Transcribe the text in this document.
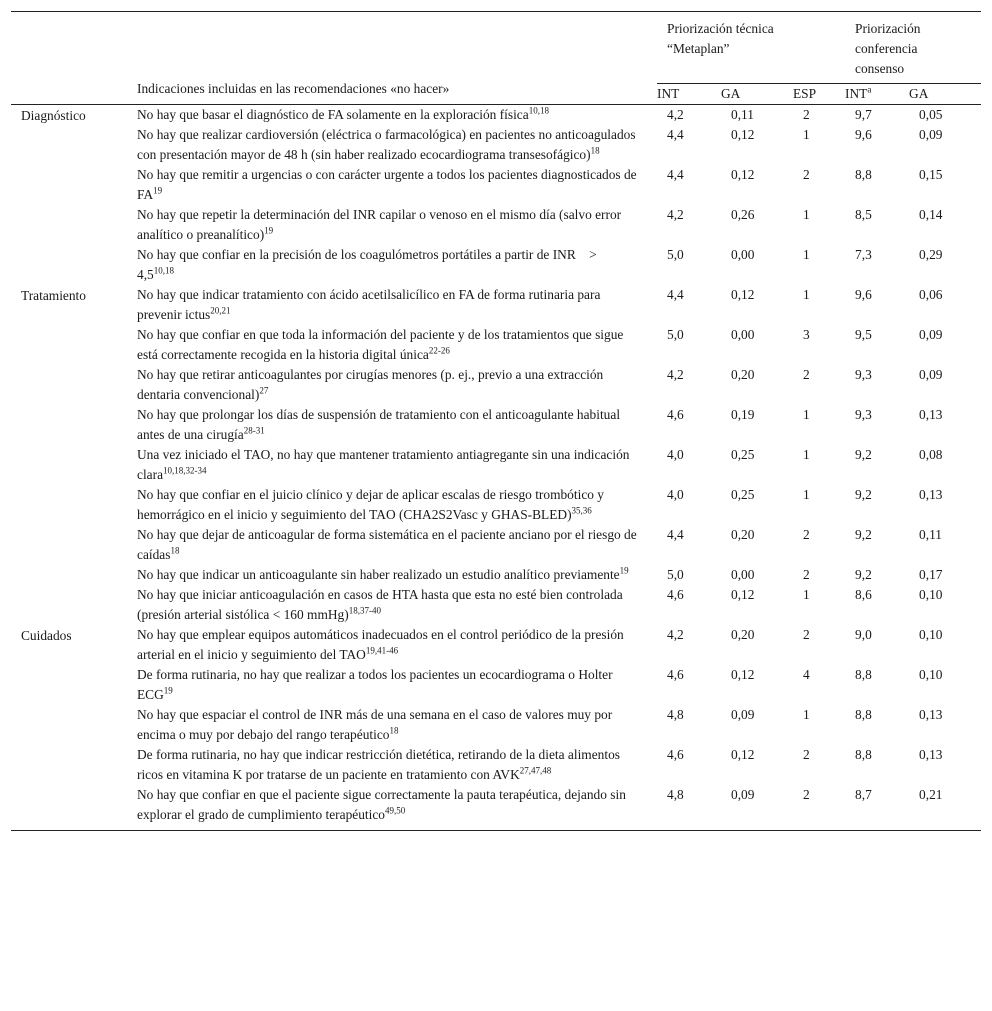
Indicaciones incluidas en las recomendaciones «no hacer»	Priorización técnica
“Metaplan”			Priorización
conferencia
consenso	
	INT	GA	ESP	INT$^a$	GA

Diagnóstico No hay que basar el diagnóstico de FA solamente en la exploración física$^{10,18}$	4,2	0,11	2	9,7	0,05

No hay que realizar cardioversión (eléctrica o farmacológica) en pacientes no anticoagulados con presentación mayor de 48 h (sin haber realizado ecocardiograma transesofágico)$^{18}$	4,4	0,12	1	9,6	0,09

No hay que remitir a urgencias o con carácter urgente a todos los pacientes diagnosticados de FA$^{19}$	4,4	0,12	2	8,8	0,15

No hay que repetir la determinación del INR capilar o venoso en el mismo día (salvo error analítico o preanalítico)$^{19}$	4,2	0,26	1	8,5	0,14

No hay que confiar en la precisión de los coagulómetros portátiles a partir de INR    >    4,5$^{10,18}$	5,0	0,00	1	7,3	0,29

Tratamiento No hay que indicar tratamiento con ácido acetilsalicílico en FA de forma rutinaria para prevenir ictus$^{20,21}$	4,4	0,12	1	9,6	0,06

No hay que confiar en que toda la información del paciente y de los tratamientos que sigue está correctamente recogida en la historia digital única$^{22-26}$	5,0	0,00	3	9,5	0,09

No hay que retirar anticoagulantes por cirugías menores (p. ej., previo a una extracción dentaria convencional)$^{27}$	4,2	0,20	2	9,3	0,09

No hay que prolongar los días de suspensión de tratamiento con el anticoagulante habitual antes de una cirugía$^{28-31}$	4,6	0,19	1	9,3	0,13

Una vez iniciado el TAO, no hay que mantener tratamiento antiagregante sin una indicación clara$^{10,18,32-34}$	4,0	0,25	1	9,2	0,08

No hay que confiar en el juicio clínico y dejar de aplicar escalas de riesgo trombótico y hemorrágico en el inicio y seguimiento del TAO (CHA2S2Vasc y GHAS-BLED)$^{35,36}$	4,0	0,25	1	9,2	0,13

No hay que dejar de anticoagular de forma sistemática en el paciente anciano por el riesgo de caídas$^{18}$	4,4	0,20	2	9,2	0,11

No hay que indicar un anticoagulante sin haber realizado un estudio analítico previamente$^{19}$	5,0	0,00	2	9,2	0,17

No hay que iniciar anticoagulación en casos de HTA hasta que esta no esté bien controlada (presión arterial sistólica < 160 mmHg)$^{18,37-40}$	4,6	0,12	1	8,6	0,10

Cuidados No hay que emplear equipos automáticos inadecuados en el control periódico de la presión arterial en el inicio y seguimiento del TAO$^{19,41-46}$	4,2	0,20	2	9,0	0,10

De forma rutinaria, no hay que realizar a todos los pacientes un ecocardiograma o Holter ECG$^{19}$	4,6	0,12	4	8,8	0,10

No hay que espaciar el control de INR más de una semana en el caso de valores muy por encima o muy por debajo del rango terapéutico$^{18}$	4,8	0,09	1	8,8	0,13

De forma rutinaria, no hay que indicar restricción dietética, retirando de la dieta alimentos ricos en vitamina K por tratarse de un paciente en tratamiento con AVK$^{27,47,48}$	4,6	0,12	2	8,8	0,13

No hay que confiar en que el paciente sigue correctamente la pauta terapéutica, dejando sin explorar el grado de cumplimiento terapéutico$^{49,50}$	4,8	0,09	2	8,7	0,21
